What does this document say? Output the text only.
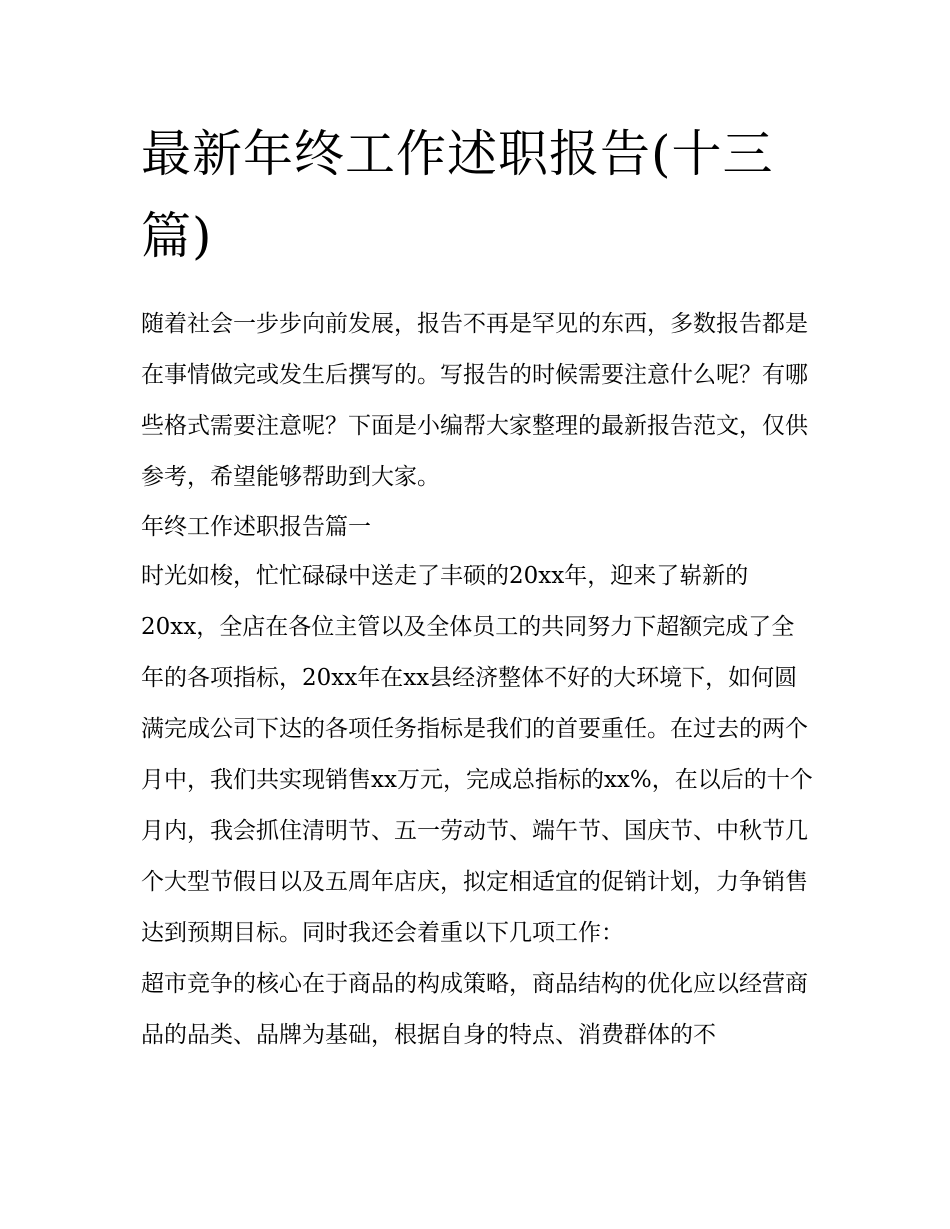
最新年终工作述职报告(十三篇)

随着社会一步步向前发展，报告不再是罕见的东西，多数报告都是在事情做完或发生后撰写的。写报告的时候需要注意什么呢？有哪些格式需要注意呢？下面是小编帮大家整理的最新报告范文，仅供参考，希望能够帮助到大家。

年终工作述职报告篇一

时光如梭，忙忙碌碌中送走了丰硕的20xx年，迎来了崭新的20xx，全店在各位主管以及全体员工的共同努力下超额完成了全年的各项指标，20xx年在xx县经济整体不好的大环境下，如何圆满完成公司下达的各项任务指标是我们的首要重任。在过去的两个月中，我们共实现销售xx万元，完成总指标的xx%，在以后的十个月内，我会抓住清明节、五一劳动节、端午节、国庆节、中秋节几个大型节假日以及五周年店庆，拟定相适宜的促销计划，力争销售达到预期目标。同时我还会着重以下几项工作：

超市竞争的核心在于商品的构成策略，商品结构的优化应以经营商品的品类、品牌为基础，根据自身的特点、消费群体的不
